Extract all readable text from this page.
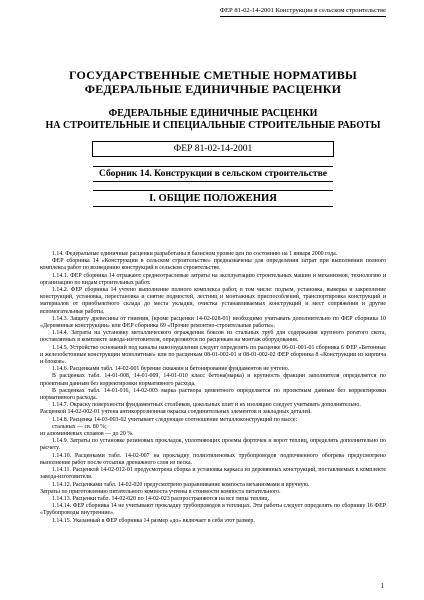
ФЕР 81-02-14-2001 Конструкции в сельском строительстве
ГОСУДАРСТВЕННЫЕ СМЕТНЫЕ НОРМАТИВЫ
ФЕДЕРАЛЬНЫЕ ЕДИНИЧНЫЕ РАСЦЕНКИ
ФЕДЕРАЛЬНЫЕ ЕДИНИЧНЫЕ РАСЦЕНКИ
НА СТРОИТЕЛЬНЫЕ И СПЕЦИАЛЬНЫЕ СТРОИТЕЛЬНЫЕ РАБОТЫ
ФЕР 81-02-14-2001
Сборник 14. Конструкции в сельском строительстве
I. ОБЩИЕ ПОЛОЖЕНИЯ

1.14. Федеральные единичные расценки разработаны в базисном уровне цен по состоянию на 1 января 2000 года.

ФЕР сборника 14 «Конструкции в сельском строительстве» предназначены для определения затрат при выполнении полного комплекса работ по возведению конструкций в сельском строительстве.

1.14.1. ФЕР сборника 14 отражают среднеотраслевые затраты на эксплуатацию строительных машин и механизмов, технологию и организацию по видам строительных работ.

1.14.2. ФЕР сборника 14 учтено выполнение полного комплекса работ, в том числе: подъем, установка, выверка и закрепление конструкций, установка, перестановка и снятие подмостей, лестниц и монтажных приспособлений, транспортировка конструкций и материалов от приобъектного склада до места укладки, очистка устанавливаемых конструкций и мест сопряжения и другие вспомогательные работы.

1.14.3. Защиту древесины от гниения, (кроме расценки 14-02-028-01) необходимо учитывать дополнительно по ФЕР сборника 10 «Деревянные конструкции» или ФЕР сборника 69 «Прочие ремонтно-строительные работы».

1.14.4. Затраты на установку металлического ограждения боксов из стальных труб для содержания крупного рогатого скота, поставляемых в комплекте завода-изготовителя, определяются по расценкам на монтаж оборудования.

1.14.5. Устройство оснований под каналы навозоудаления следует определять по расценке 06-01-001-01 сборника 6 ФЕР «Бетонные и железобетонные конструкции монолитные» или по расценкам 08-01-002-01 и 08-01-002-02 ФЕР сборника 8 «Конструкции из кирпича и блоков».

1.14.6. Расценками табл. 14-02-001 бурение скважин и бетонирование фундаментов не учтено.

В расценках табл. 14-01-008, 14-01-009, 14-01-010 класс бетона(марка) и крупность фракции заполнителя определяется по проектным данным без корректировки нормативного расхода.

В расценках табл. 14-01-016, 14-02-003 марка раствора цементного определяется по проектным данным без корректировки нормативного расхода.

1.14.7. Окраску поверхности фундаментных столбиков, цокольных плит и их изоляцию следует учитывать дополнительно.

Расценкой 14-02-002-01 учтена антикоррозионная окраска соединительных элементов и закладных деталей.

1.14.8. Расценка 14-03-003-02 учитывает следующее соотношение металлоконструкций по массе:

стальных — св. 80 %;

из алюминиевых сплавов — до 20 %.

1.14.9. Затраты по установке резиновых прокладок, уплотняющих проемы форточек и ворот теплиц, определять дополнительно по расчету.

1.14.10. Расценками табл. 14-02-007 на прокладку полиэтиленовых трубопроводов подпочвенного обогрева предусмотрено выполнение работ после отсыпки дренажного слоя из песка.

1.14.11. Расценкой 14-02-012-01 предусмотрена сборка и установка каркаса из деревянных конструкций, поставляемых в комплекте завода-изготовителя.

1.14.12. Расценками табл. 14-02-020 предусмотрено разравнивание компоста механизмами и вручную.

Затраты по приготовлению питательного компоста учтены в стоимости компоста питательного.

1.14.13. Расценки табл. 14-02-020 по 14-02-023 распространяются на все типы теплиц.

1.14.14. ФЕР сборника 14 не учитывают прокладку трубопроводов в теплицах. Эти работы следует определять по сборнику 16 ФЕР «Трубопроводы внутренние».

1.14.15. Указанный в ФЕР сборника 14 размер «до» включает в себя этот размер.

1
